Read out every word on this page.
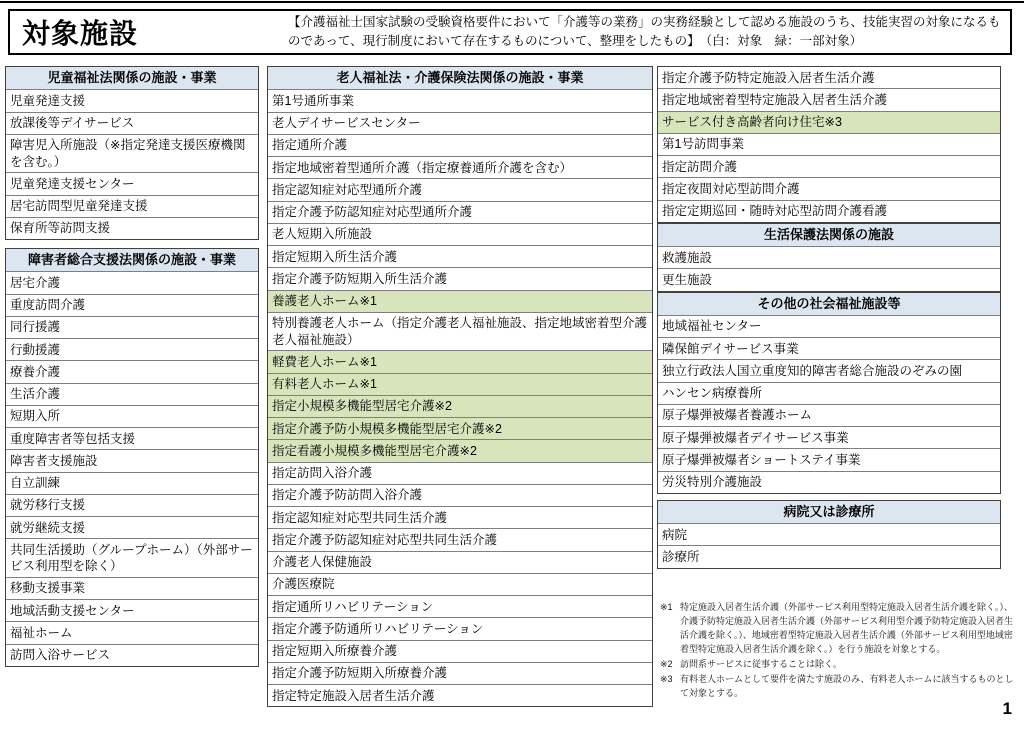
対象施設	【介護福祉士国家試験の受験資格要件において「介護等の業務」の実務経験として認める施設のうち、技能実習の対象になるものであって、現行制度において存在するものについて、整理をしたもの】　（白：対象　緑：一部対象）
児童福祉法関係の施設・事業
児童発達支援
放課後等デイサービス
障害児入所施設（※指定発達支援医療機関を含む。）
児童発達支援センター
居宅訪問型児童発達支援
保育所等訪問支援
障害者総合支援法関係の施設・事業
居宅介護
重度訪問介護
同行援護
行動援護
療養介護
生活介護
短期入所
重度障害者等包括支援
障害者支援施設
自立訓練
就労移行支援
就労継続支援
共同生活援助（グループホーム）（外部サービス利用型を除く）
移動支援事業
地域活動支援センター
福祉ホーム
訪問入浴サービス
老人福祉法・介護保険法関係の施設・事業
第1号通所事業
老人デイサービスセンター
指定通所介護
指定地域密着型通所介護（指定療養通所介護を含む）
指定認知症対応型通所介護
指定介護予防認知症対応型通所介護
老人短期入所施設
指定短期入所生活介護
指定介護予防短期入所生活介護
養護老人ホーム※1
特別養護老人ホーム（指定介護老人福祉施設、指定地域密着型介護老人福祉施設）
軽費老人ホーム※1
有料老人ホーム※1
指定小規模多機能型居宅介護※2
指定介護予防小規模多機能型居宅介護※2
指定看護小規模多機能型居宅介護※2
指定訪問入浴介護
指定介護予防訪問入浴介護
指定認知症対応型共同生活介護
指定介護予防認知症対応型共同生活介護
介護老人保健施設
介護医療院
指定通所リハビリテーション
指定介護予防通所リハビリテーション
指定短期入所療養介護
指定介護予防短期入所療養介護
指定特定施設入居者生活介護
指定介護予防特定施設入居者生活介護
指定地域密着型特定施設入居者生活介護
サービス付き高齢者向け住宅※3
第1号訪問事業
指定訪問介護
指定夜間対応型訪問介護
指定定期巡回・随時対応型訪問介護看護
生活保護法関係の施設
救護施設
更生施設
その他の社会福祉施設等
地域福祉センター
隣保館デイサービス事業
独立行政法人国立重度知的障害者総合施設のぞみの園
ハンセン病療養所
原子爆弾被爆者養護ホーム
原子爆弾被爆者デイサービス事業
原子爆弾被爆者ショートステイ事業
労災特別介護施設
病院又は診療所
病院
診療所
※1 特定施設入居者生活介護（外部サービス利用型特定施設入居者生活介護を除く。）、介護予防特定施設入居者生活介護（外部サービス利用型介護予防特定施設入居者生活介護を除く。）、地域密着型特定施設入居者生活介護（外部サービス利用型地域密着型特定施設入居者生活介護を除く。）を行う施設を対象とする。
※2 訪問系サービスに従事することは除く。
※3 有料老人ホームとして要件を満たす施設のみ、有料老人ホームに該当するものとして対象とする。
1
